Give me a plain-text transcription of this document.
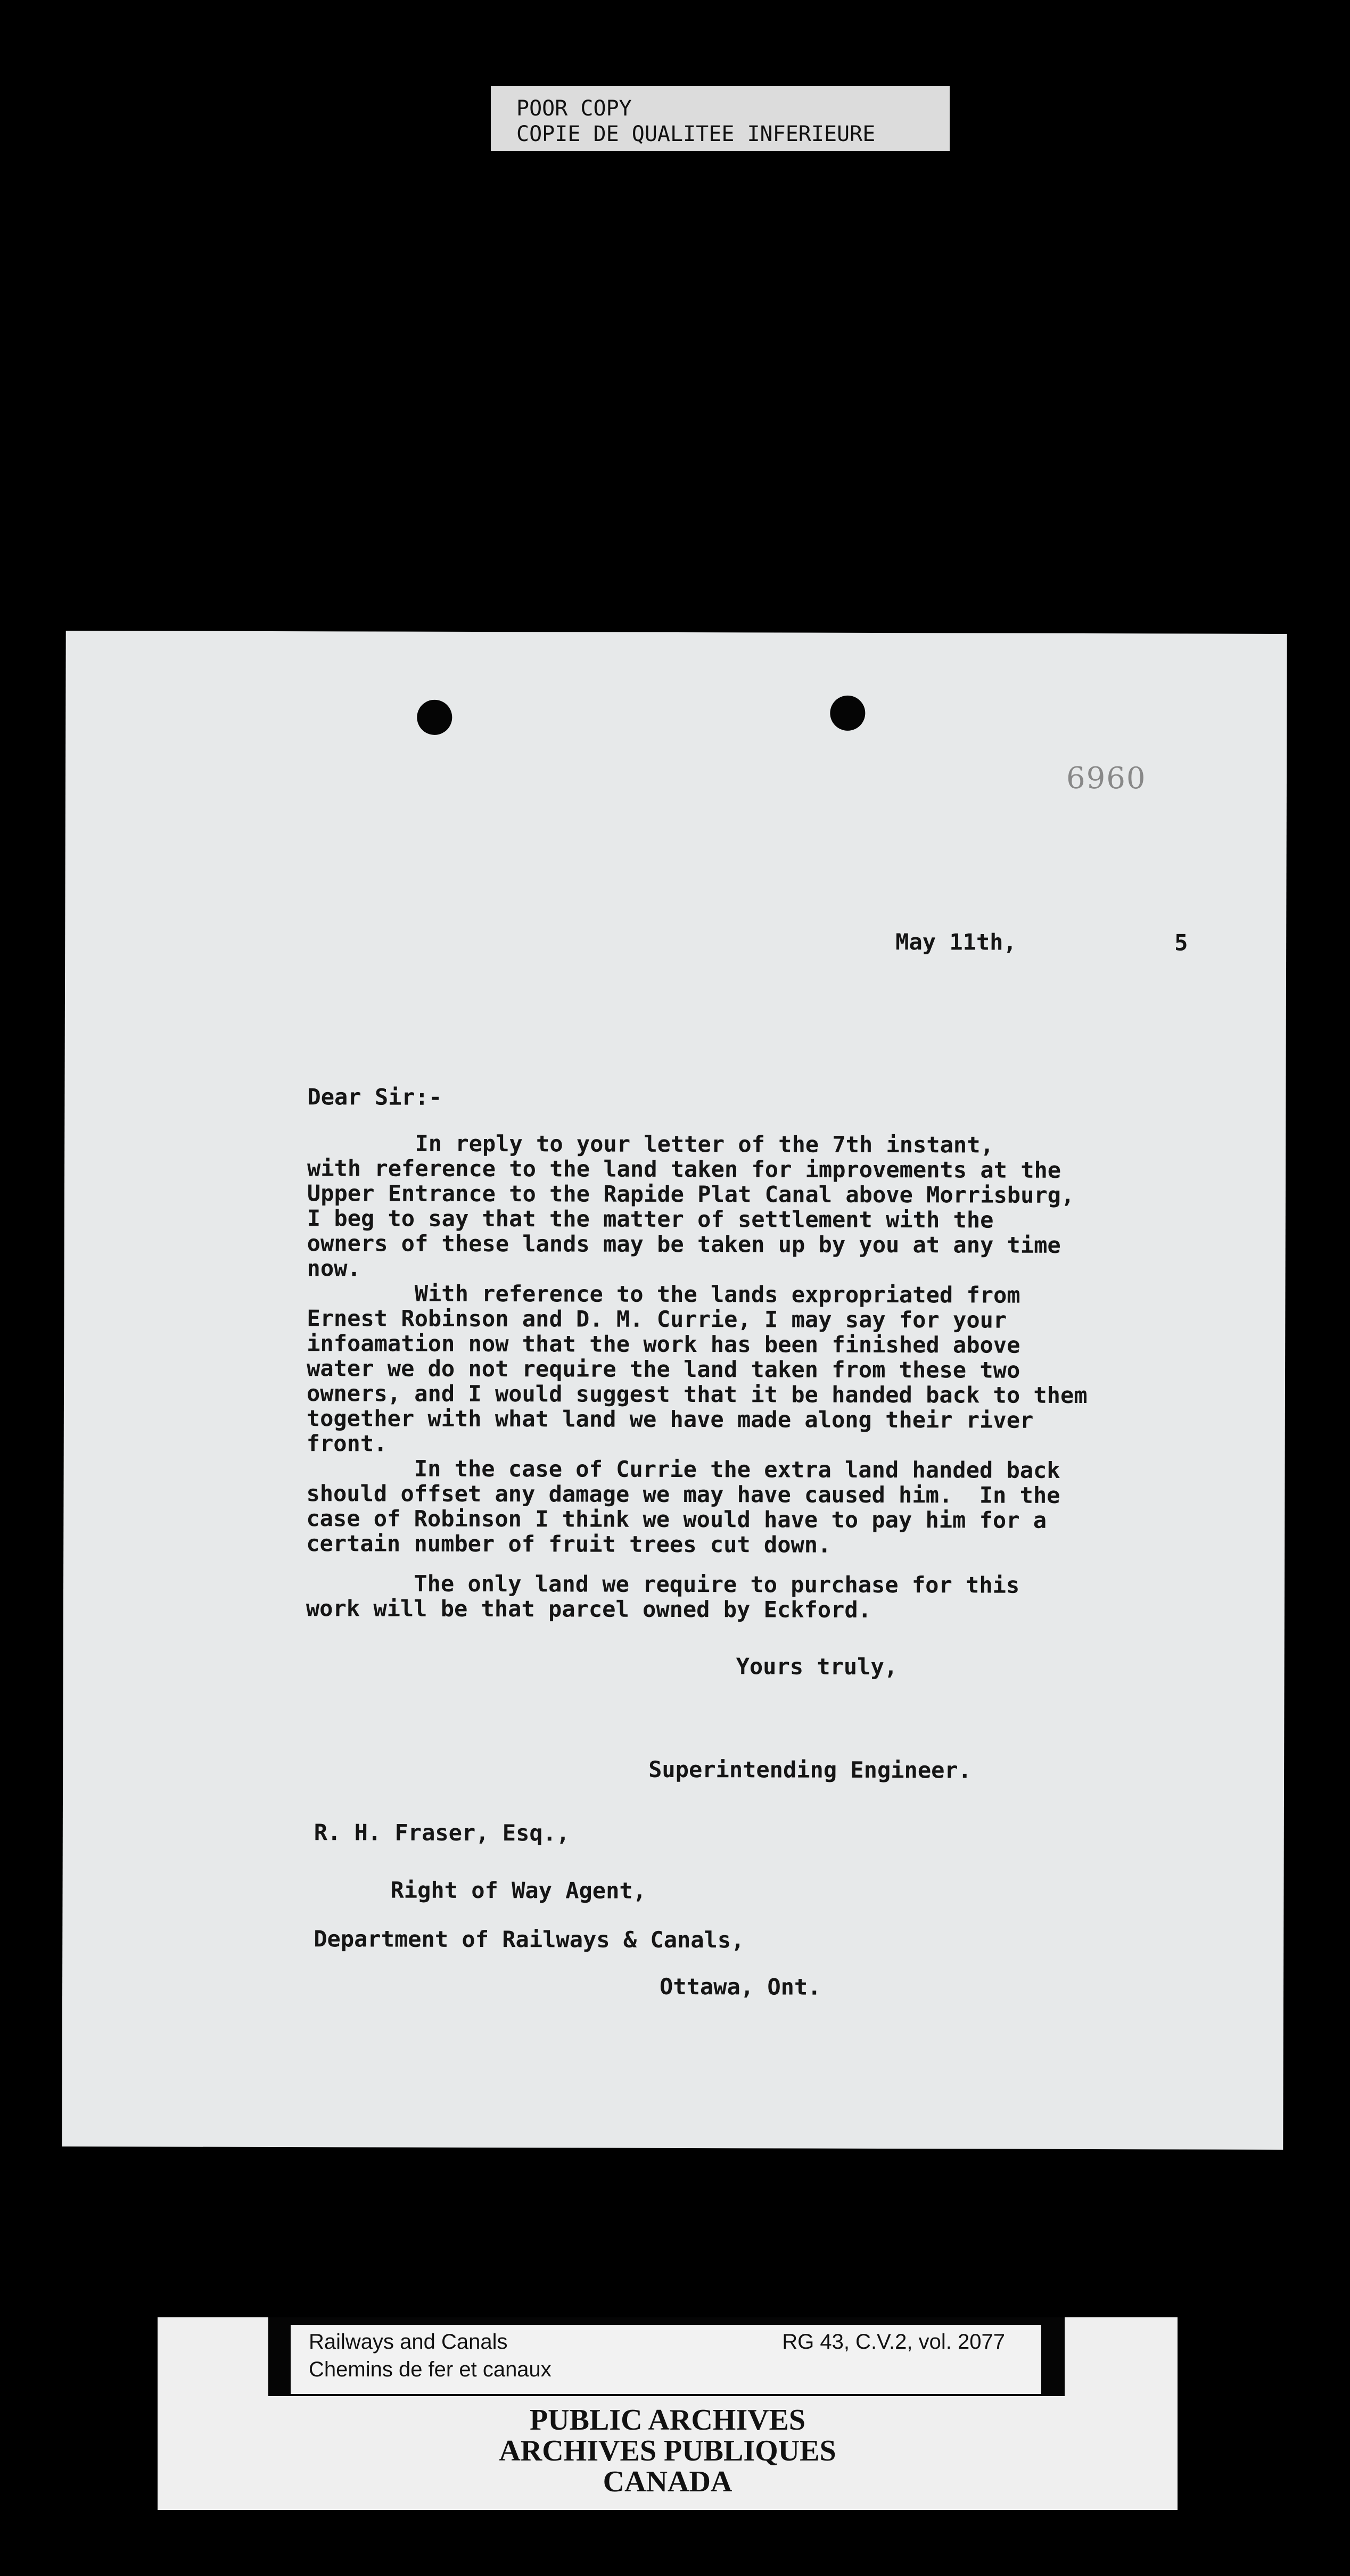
POOR COPY
COPIE DE QUALITEE INFERIEURE
6960
May 11th,	5
Dear Sir:-
In reply to your letter of the 7th instant,
with reference to the land taken for improvements at the
Upper Entrance to the Rapide Plat Canal above Morrisburg,
I beg to say that the matter of settlement with the
owners of these lands may be taken up by you at any time
now.
With reference to the lands expropriated from
Ernest Robinson and D. M. Currie, I may say for your
infoamation now that the work has been finished above
water we do not require the land taken from these two
owners, and I would suggest that it be handed back to them
together with what land we have made along their river
front.
In the case of Currie the extra land handed back
should offset any damage we may have caused him.  In the
case of Robinson I think we would have to pay him for a
certain number of fruit trees cut down.
The only land we require to purchase for this
work will be that parcel owned by Eckford.
Yours truly,
Superintending Engineer.
R. H. Fraser, Esq.,
Right of Way Agent,
Department of Railways & Canals,
Ottawa, Ont.
Railways and Canals
Chemins de fer et canaux
RG 43, C.V.2, vol. 2077
PUBLIC ARCHIVES
ARCHIVES PUBLIQUES
CANADA
